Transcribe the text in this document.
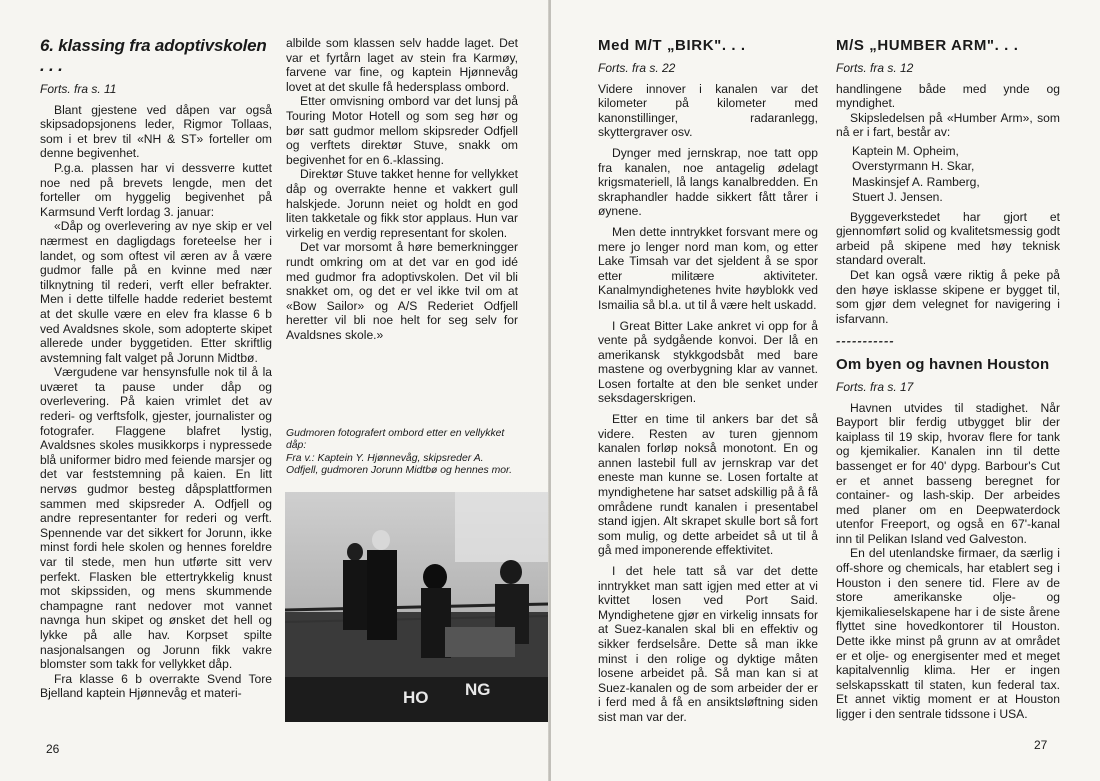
6. klassing fra adoptivskolen . . .
Forts. fra s. 11

Blant gjestene ved dåpen var også skipsadopsjonens leder, Rigmor Tollaas, som i et brev til «NH & ST» forteller om denne begivenhet.

P.g.a. plassen har vi dessverre kuttet noe ned på brevets lengde, men det forteller om hyggelig begivenhet på Karmsund Verft lordag 3. januar:

«Dåp og overlevering av nye skip er vel nærmest en dagligdags foreteelse her i landet, og som oftest vil æren av å være gudmor falle på en kvinne med nær tilknytning til rederi, verft eller befrakter. Men i dette tilfelle hadde rederiet bestemt at det skulle være en elev fra klasse 6 b ved Avaldsnes skole, som adopterte skipet allerede under byggetiden. Etter skriftlig avstemning falt valget på Jorunn Midtbø.

Værgudene var hensynsfulle nok til å la uværet ta pause under dåp og overlevering. På kaien vrimlet det av rederi- og verftsfolk, gjester, journalister og fotografer. Flaggene blafret lystig, Avaldsnes skoles musikkorps i nypressede blå uniformer bidro med feiende marsjer og det var feststemning på kaien. En litt nervøs gudmor besteg dåpsplattformen sammen med skipsreder A. Odfjell og andre representanter for rederi og verft. Spennende var det sikkert for Jorunn, ikke minst fordi hele skolen og hennes foreldre var til stede, men hun utførte sitt verv perfekt. Flasken ble ettertrykkelig knust mot skipssiden, og mens skummende champagne rant nedover mot vannet navnga hun skipet og ønsket det hell og lykke på alle hav. Korpset spilte nasjonalsangen og Jorunn fikk vakre blomster som takk for vellykket dåp.

Fra klasse 6 b overrakte Svend Tore Bjelland kaptein Hjønnevåg et materi-

albilde som klassen selv hadde laget. Det var et fyrtårn laget av stein fra Karmøy, farvene var fine, og kaptein Hjønnevåg lovet at det skulle få hedersplass ombord.

Etter omvisning ombord var det lunsj på Touring Motor Hotell og som seg hør og bør satt gudmor mellom skipsreder Odfjell og verftets direktør Stuve, snakk om begivenhet for en 6.-klassing.

Direktør Stuve takket henne for vellykket dåp og overrakte henne et vakkert gull halskjede. Jorunn neiet og holdt en god liten takketale og fikk stor applaus. Hun var virkelig en verdig representant for skolen.

Det var morsomt å høre bemerkningger rundt omkring om at det var en god idé med gudmor fra adoptivskolen. Det vil bli snakket om, og det er vel ikke tvil om at «Bow Sailor» og A/S Rederiet Odfjell heretter vil bli noe helt for seg selv for Avaldsnes skole.»

Gudmoren fotografert ombord etter en vellykket dåp:
Fra v.: Kaptein Y. Hjønnevåg, skipsreder A. Odfjell, gudmoren Jorunn Midtbø og hennes mor.
HO NG
26
Med M/T „BIRK". . .
Forts. fra s. 22

Videre innover i kanalen var det kilometer på kilometer med kanonstillinger, radaranlegg, skyttergraver osv.

Dynger med jernskrap, noe tatt opp fra kanalen, noe antagelig ødelagt krigsmateriell, lå langs kanalbredden. En skraphandler hadde sikkert fått tårer i øynene.

Men dette inntrykket forsvant mere og mere jo lenger nord man kom, og etter Lake Timsah var det sjeldent å se spor etter militære aktiviteter. Kanalmyndighetenes hvite høyblokk ved Ismailia så bl.a. ut til å være helt uskadd.

I Great Bitter Lake ankret vi opp for å vente på sydgående konvoi. Der lå en amerikansk stykkgodsbåt med bare mastene og overbygning klar av vannet. Losen fortalte at den ble senket under seksdagerskrigen.

Etter en time til ankers bar det så videre. Resten av turen gjennom kanalen forløp nokså monotont. En og annen lastebil full av jernskrap var det eneste man kunne se. Losen fortalte at myndighetene har satset adskillig på å få områdene rundt kanalen i presentabel stand igjen. Alt skrapet skulle bort så fort som mulig, og dette arbeidet så ut til å gå med imponerende effektivitet.

I det hele tatt så var det dette inntrykket man satt igjen med etter at vi kvittet losen ved Port Said. Myndighetene gjør en virkelig innsats for at Suez-kanalen skal bli en effektiv og sikker ferdselsåre. Dette så man ikke minst i den rolige og dyktige måten losene arbeidet på. Så man kan si at Suez-kanalen og de som arbeider der er i ferd med å få en ansiktsløftning siden sist man var der.

M/S „HUMBER ARM". . .
Forts. fra s. 12

handlingene både med ynde og myndighet.

Skipsledelsen på «Humber Arm», som nå er i fart, består av:

Kaptein M. Opheim,
Overstyrmann H. Skar,
Maskinsjef A. Ramberg,
Stuert J. Jensen.

Byggeverkstedet har gjort et gjennomført solid og kvalitetsmessig godt arbeid på skipene med høy teknisk standard overalt.

Det kan også være riktig å peke på den høye isklasse skipene er bygget til, som gjør dem velegnet for navigering i isfarvann.

-----------
Om byen og havnen Houston
Forts. fra s. 17

Havnen utvides til stadighet. Når Bayport blir ferdig utbygget blir der kaiplass til 19 skip, hvorav flere for tank og kjemikalier. Kanalen inn til dette bassenget er for 40' dypg. Barbour's Cut er et annet basseng beregnet for container- og lash-skip. Der arbeides med planer om en Deepwaterdock utenfor Freeport, og også en 67'-kanal inn til Pelikan Island ved Galveston.

En del utenlandske firmaer, da særlig i off-shore og chemicals, har etablert seg i Houston i den senere tid. Flere av de store amerikanske olje- og kjemikalieselskapene har i de siste årene flyttet sine hovedkontorer til Houston. Dette ikke minst på grunn av at området er et olje- og energisenter med et meget kapitalvennlig klima. Her er ingen selskapsskatt til staten, kun federal tax. Et annet viktig moment er at Houston ligger i den sentrale tidssone i USA.

27
